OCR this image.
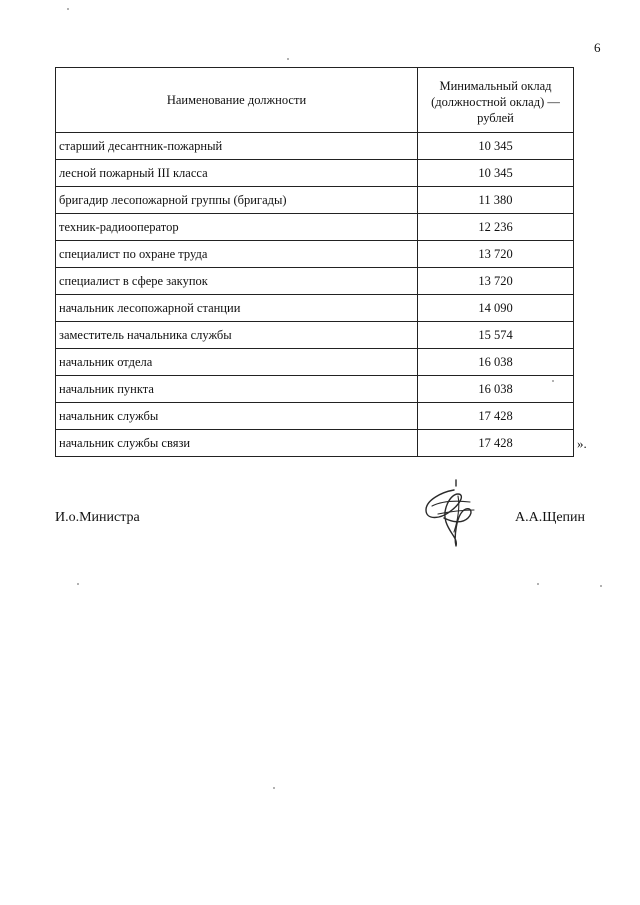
6
Наименование должности	Минимальный оклад
(должностной оклад) —
рублей

старший десантник-пожарный	10 345
лесной пожарный III класса	10 345
бригадир лесопожарной группы (бригады)	11 380
техник-радиооператор	12 236
специалист по охране труда	13 720
специалист в сфере закупок	13 720
начальник лесопожарной станции	14 090
заместитель начальника службы	15 574
начальник отдела	16 038
начальник пункта	16 038
начальник службы	17 428
начальник службы связи	17 428	».
И.о.Министра	А.А.Щепин
